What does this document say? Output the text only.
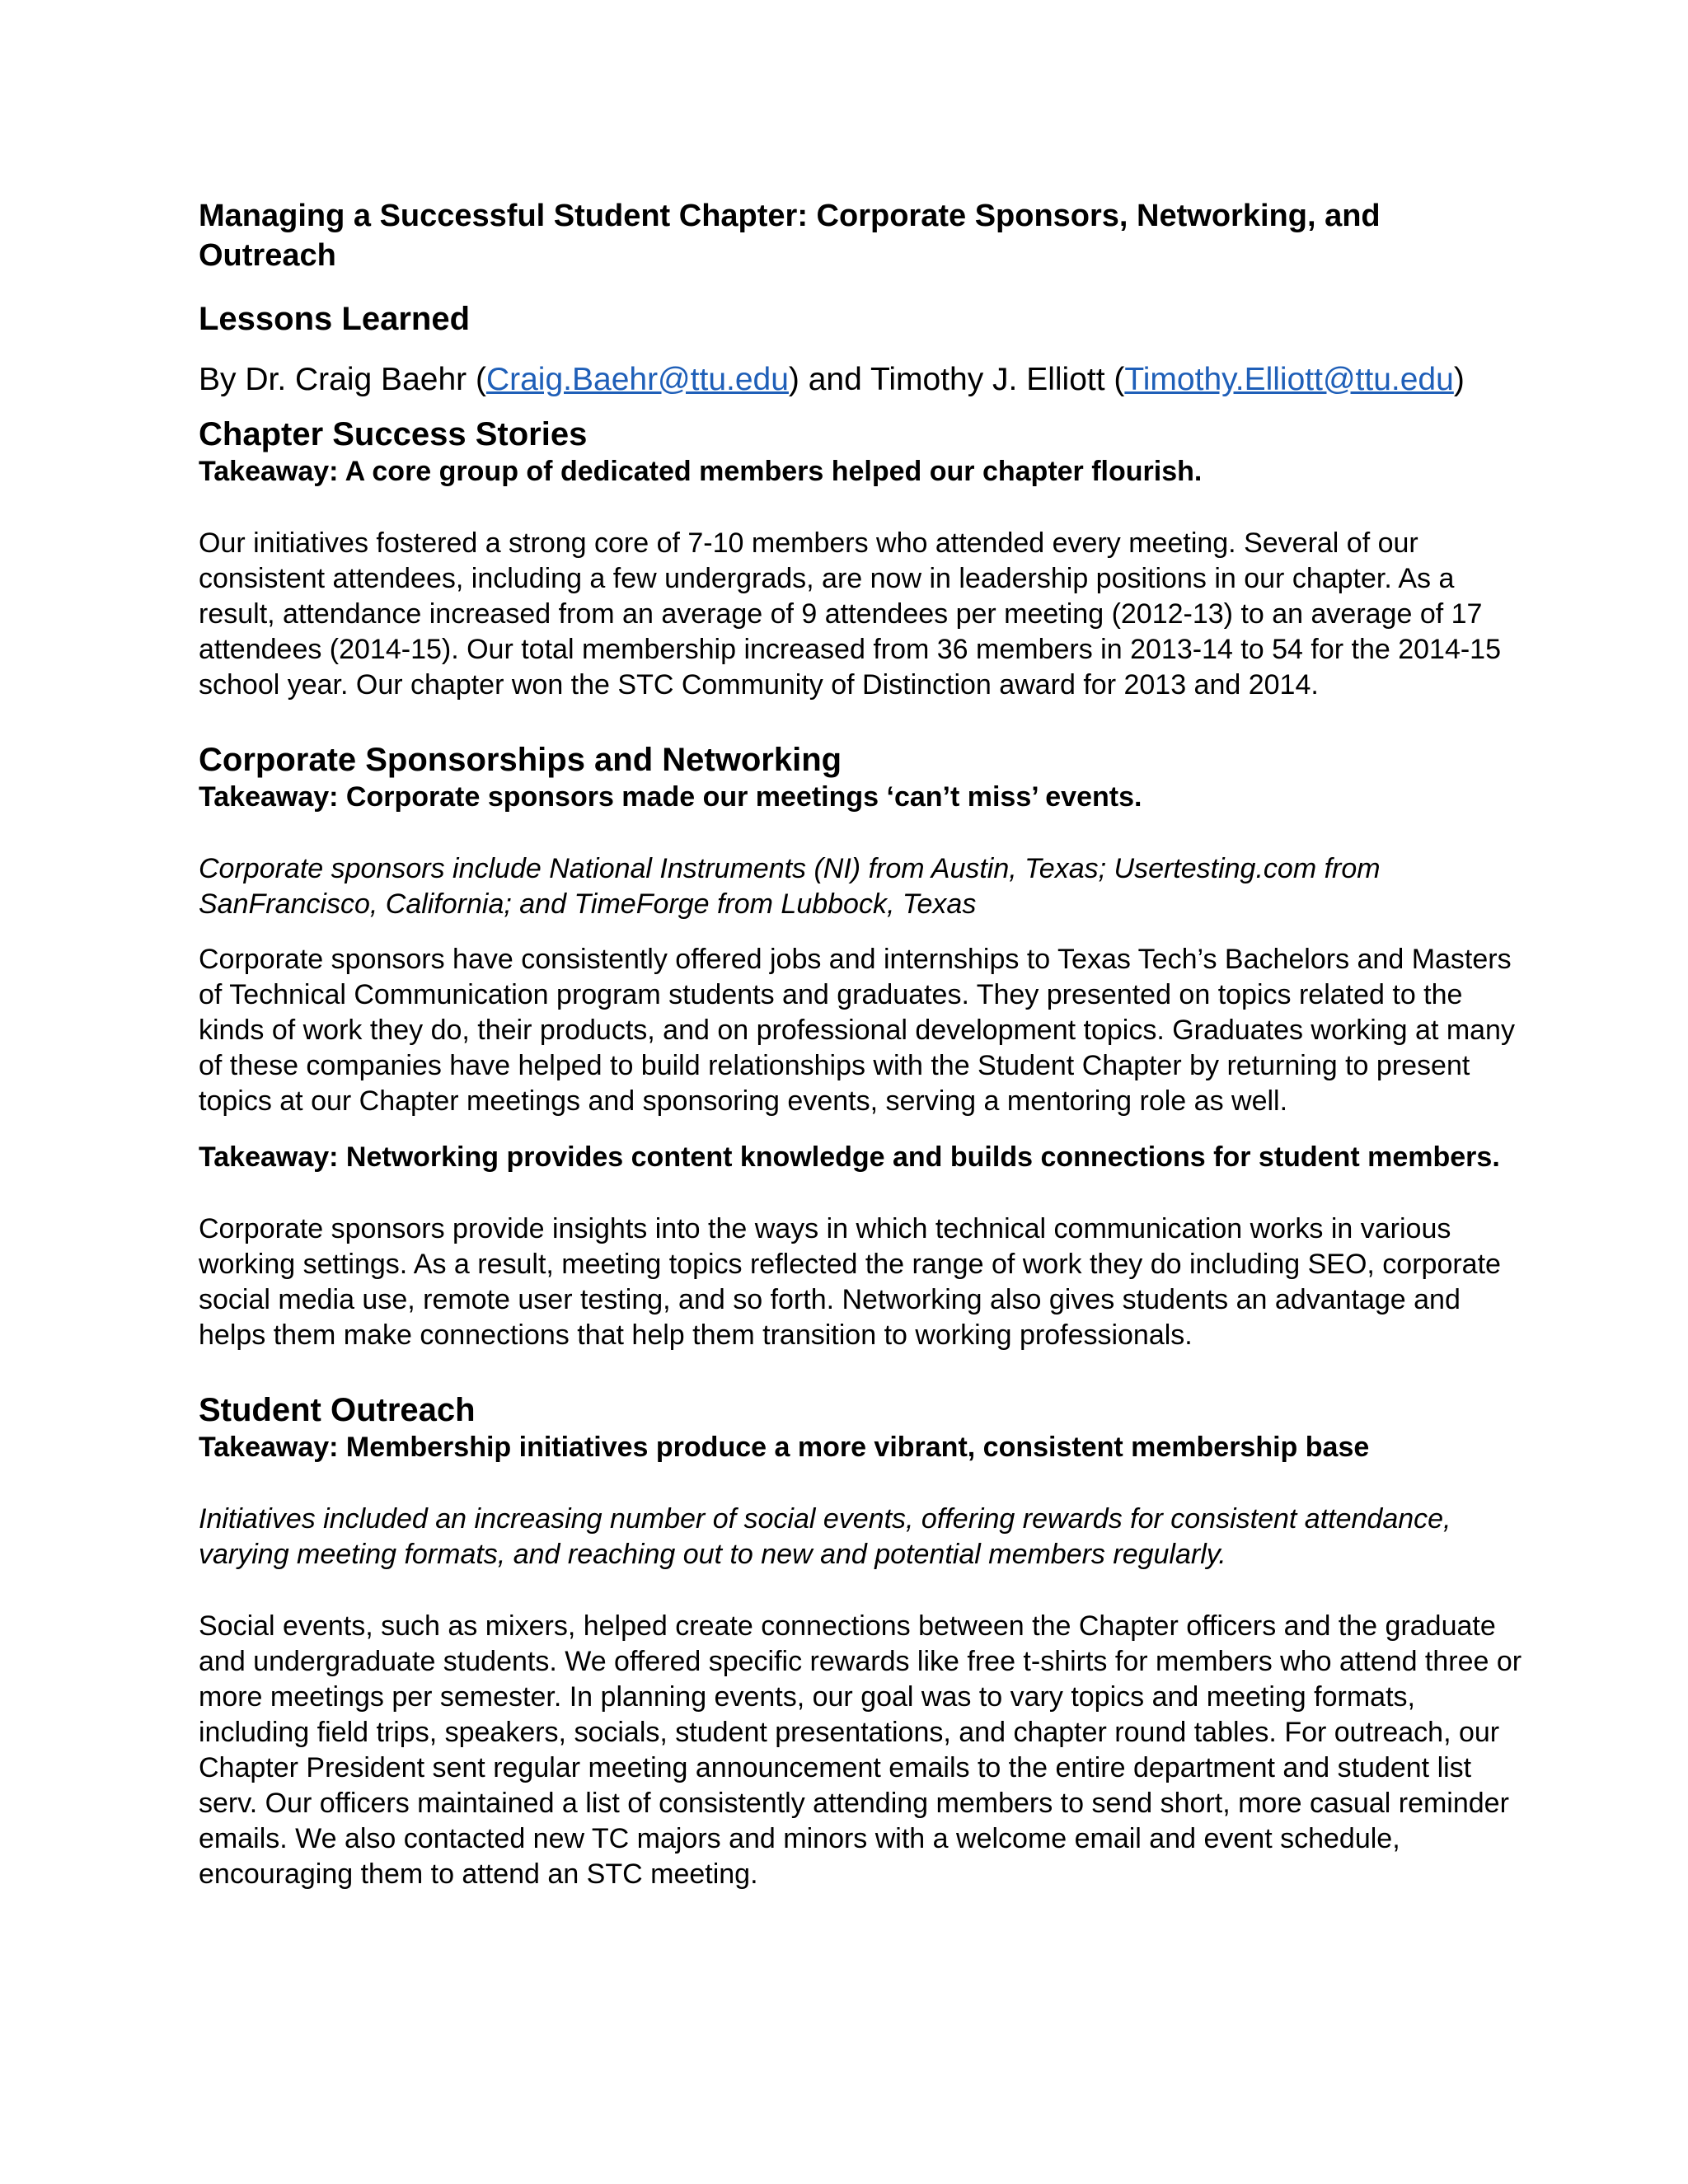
Managing a Successful Student Chapter: Corporate Sponsors, Networking, and Outreach
Lessons Learned

By Dr. Craig Baehr (Craig.Baehr@ttu.edu) and Timothy J. Elliott (Timothy.Elliott@ttu.edu)

Chapter Success Stories

Takeaway: A core group of dedicated members helped our chapter flourish.

Our initiatives fostered a strong core of 7-10 members who attended every meeting. Several of our consistent attendees, including a few undergrads, are now in leadership positions in our chapter. As a result, attendance increased from an average of 9 attendees per meeting (2012-13) to an average of 17 attendees (2014-15). Our total membership increased from 36 members in 2013-14 to 54 for the 2014-15 school year. Our chapter won the STC Community of Distinction award for 2013 and 2014.

Corporate Sponsorships and Networking

Takeaway: Corporate sponsors made our meetings ‘can’t miss’ events.

Corporate sponsors include National Instruments (NI) from Austin, Texas; Usertesting.com from SanFrancisco, California; and TimeForge from Lubbock, Texas

Corporate sponsors have consistently offered jobs and internships to Texas Tech’s Bachelors and Masters of Technical Communication program students and graduates. They presented on topics related to the kinds of work they do, their products, and on professional development topics. Graduates working at many of these companies have helped to build relationships with the Student Chapter by returning to present topics at our Chapter meetings and sponsoring events, serving a mentoring role as well.

Takeaway: Networking provides content knowledge and builds connections for student members.

Corporate sponsors provide insights into the ways in which technical communication works in various working settings. As a result, meeting topics reflected the range of work they do including SEO, corporate social media use, remote user testing, and so forth. Networking also gives students an advantage and helps them make connections that help them transition to working professionals.

Student Outreach

Takeaway: Membership initiatives produce a more vibrant, consistent membership base

Initiatives included an increasing number of social events, offering rewards for consistent attendance, varying meeting formats, and reaching out to new and potential members regularly.

Social events, such as mixers, helped create connections between the Chapter officers and the graduate and undergraduate students. We offered specific rewards like free t-shirts for members who attend three or more meetings per semester. In planning events, our goal was to vary topics and meeting formats, including field trips, speakers, socials, student presentations, and chapter round tables. For outreach, our Chapter President sent regular meeting announcement emails to the entire department and student list serv. Our officers maintained a list of consistently attending members to send short, more casual reminder emails. We also contacted new TC majors and minors with a welcome email and event schedule, encouraging them to attend an STC meeting.
